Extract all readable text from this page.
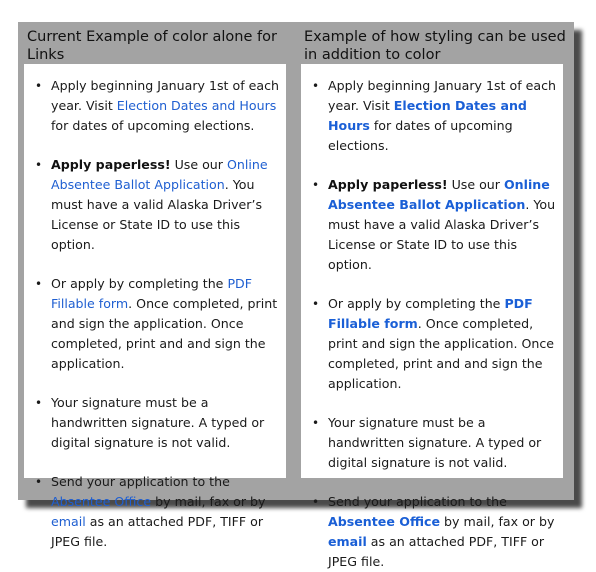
Current Example of color alone for Links
Example of how styling can be used in addition to color
• Apply beginning January 1st of each year. Visit Election Dates and Hours for dates of upcoming elections.
• Apply paperless! Use our Online Absentee Ballot Application. You must have a valid Alaska Driver’s License or State ID to use this option.
• Or apply by completing the PDF Fillable form. Once completed, print and sign the application. Once completed, print and and sign the application.
• Your signature must be a handwritten signature. A typed or digital signature is not valid.
• Send your application to the Absentee Office by mail, fax or by email as an attached PDF, TIFF or JPEG file.
• Apply beginning January 1st of each year. Visit Election Dates and Hours for dates of upcoming elections.
• Apply paperless! Use our Online Absentee Ballot Application. You must have a valid Alaska Driver’s License or State ID to use this option.
• Or apply by completing the PDF Fillable form. Once completed, print and sign the application. Once completed, print and and sign the application.
• Your signature must be a handwritten signature. A typed or digital signature is not valid.
• Send your application to the Absentee Office by mail, fax or by email as an attached PDF, TIFF or JPEG file.
